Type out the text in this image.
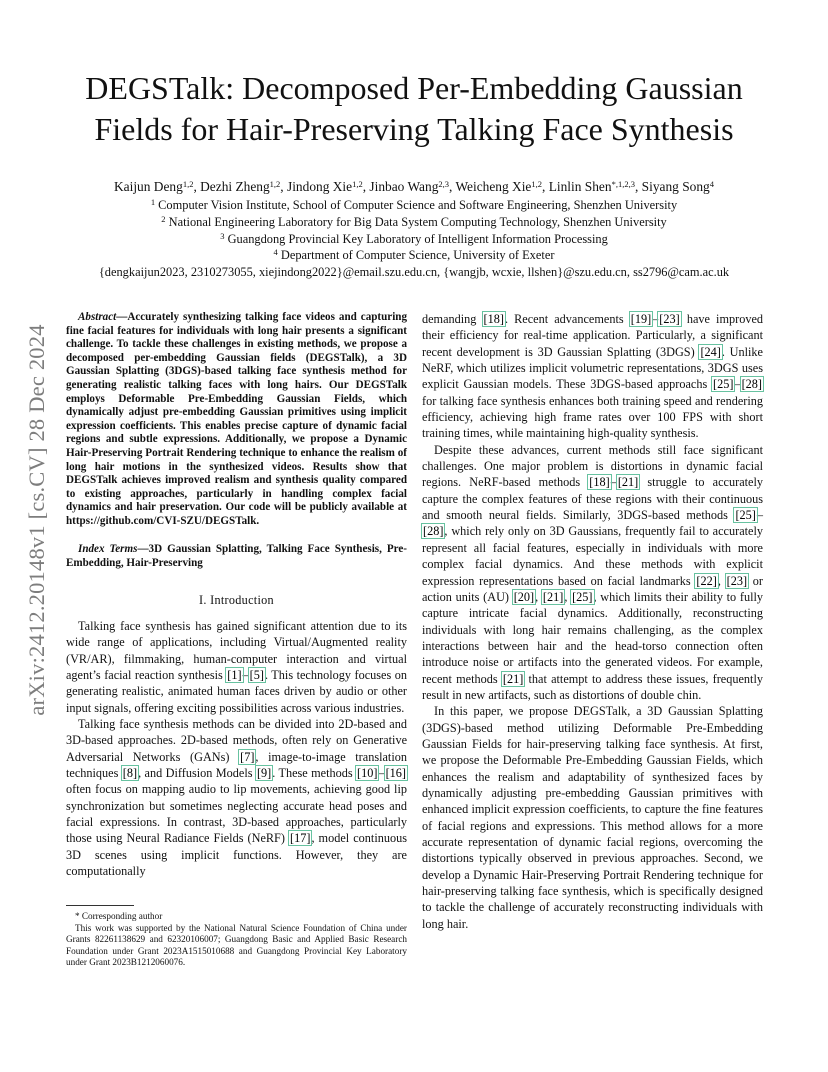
arXiv:2412.20148v1 [cs.CV] 28 Dec 2024
DEGSTalk: Decomposed Per-Embedding Gaussian
Fields for Hair-Preserving Talking Face Synthesis
Kaijun Deng$^{1,2}$, Dezhi Zheng$^{1,2}$, Jindong Xie$^{1,2}$, Jinbao Wang$^{2,3}$, Weicheng Xie$^{1,2}$, Linlin Shen$^{*,1,2,3}$, Siyang Song$^4$
$^1$ Computer Vision Institute, School of Computer Science and Software Engineering, Shenzhen University
$^2$ National Engineering Laboratory for Big Data System Computing Technology, Shenzhen University
$^3$ Guangdong Provincial Key Laboratory of Intelligent Information Processing
$^4$ Department of Computer Science, University of Exeter
{dengkaijun2023, 2310273055, xiejindong2022}@email.szu.edu.cn, {wangjb, wcxie, llshen}@szu.edu.cn, ss2796@cam.ac.uk

Abstract—Accurately synthesizing talking face videos and capturing fine facial features for individuals with long hair presents a significant challenge. To tackle these challenges in existing methods, we propose a decomposed per-embedding Gaussian fields (DEGSTalk), a 3D Gaussian Splatting (3DGS)-based talking face synthesis method for generating realistic talking faces with long hairs. Our DEGSTalk employs Deformable Pre-Embedding Gaussian Fields, which dynamically adjust pre-embedding Gaussian primitives using implicit expression coefficients. This enables precise capture of dynamic facial regions and subtle expressions. Additionally, we propose a Dynamic Hair-Preserving Portrait Rendering technique to enhance the realism of long hair motions in the synthesized videos. Results show that DEGSTalk achieves improved realism and synthesis quality compared to existing approaches, particularly in handling complex facial dynamics and hair preservation. Our code will be publicly available at https://github.com/CVI-SZU/DEGSTalk.

Index Terms—3D Gaussian Splatting, Talking Face Synthesis, Pre-Embedding, Hair-Preserving

I. Introduction

Talking face synthesis has gained significant attention due to its wide range of applications, including Virtual/Augmented reality (VR/AR), filmmaking, human-computer interaction and virtual agent’s facial reaction synthesis [1]–[5]. This technology focuses on generating realistic, animated human faces driven by audio or other input signals, offering exciting possibilities across various industries.

Talking face synthesis methods can be divided into 2D-based and 3D-based approaches. 2D-based methods, often rely on Generative Adversarial Networks (GANs) [7], image-to-image translation techniques [8], and Diffusion Models [9]. These methods [10]–[16] often focus on mapping audio to lip movements, achieving good lip synchronization but sometimes neglecting accurate head poses and facial expressions. In contrast, 3D-based approaches, particularly those using Neural Radiance Fields (NeRF) [17], model continuous 3D scenes using implicit functions. However, they are computationally

* Corresponding author

This work was supported by the National Natural Science Foundation of China under Grants 82261138629 and 62320106007; Guangdong Basic and Applied Basic Research Foundation under Grant 2023A1515010688 and Guangdong Provincial Key Laboratory under Grant 2023B1212060076.

demanding [18]. Recent advancements [19]–[23] have improved their efficiency for real-time application. Particularly, a significant recent development is 3D Gaussian Splatting (3DGS) [24]. Unlike NeRF, which utilizes implicit volumetric representations, 3DGS uses explicit Gaussian models. These 3DGS-based approachs [25]–[28] for talking face synthesis enhances both training speed and rendering efficiency, achieving high frame rates over 100 FPS with short training times, while maintaining high-quality synthesis.

Despite these advances, current methods still face significant challenges. One major problem is distortions in dynamic facial regions. NeRF-based methods [18]–[21] struggle to accurately capture the complex features of these regions with their continuous and smooth neural fields. Similarly, 3DGS-based methods [25]–[28], which rely only on 3D Gaussians, frequently fail to accurately represent all facial features, especially in individuals with more complex facial dynamics. And these methods with explicit expression representations based on facial landmarks [22], [23] or action units (AU) [20], [21], [25], which limits their ability to fully capture intricate facial dynamics. Additionally, reconstructing individuals with long hair remains challenging, as the complex interactions between hair and the head-torso connection often introduce noise or artifacts into the generated videos. For example, recent methods [21] that attempt to address these issues, frequently result in new artifacts, such as distortions of double chin.

In this paper, we propose DEGSTalk, a 3D Gaussian Splatting (3DGS)-based method utilizing Deformable Pre-Embedding Gaussian Fields for hair-preserving talking face synthesis. At first, we propose the Deformable Pre-Embedding Gaussian Fields, which enhances the realism and adaptability of synthesized faces by dynamically adjusting pre-embedding Gaussian primitives with enhanced implicit expression coefficients, to capture the fine features of facial regions and expressions. This method allows for a more accurate representation of dynamic facial regions, overcoming the distortions typically observed in previous approaches. Second, we develop a Dynamic Hair-Preserving Portrait Rendering technique for hair-preserving talking face synthesis, which is specifically designed to tackle the challenge of accurately reconstructing individuals with long hair.
